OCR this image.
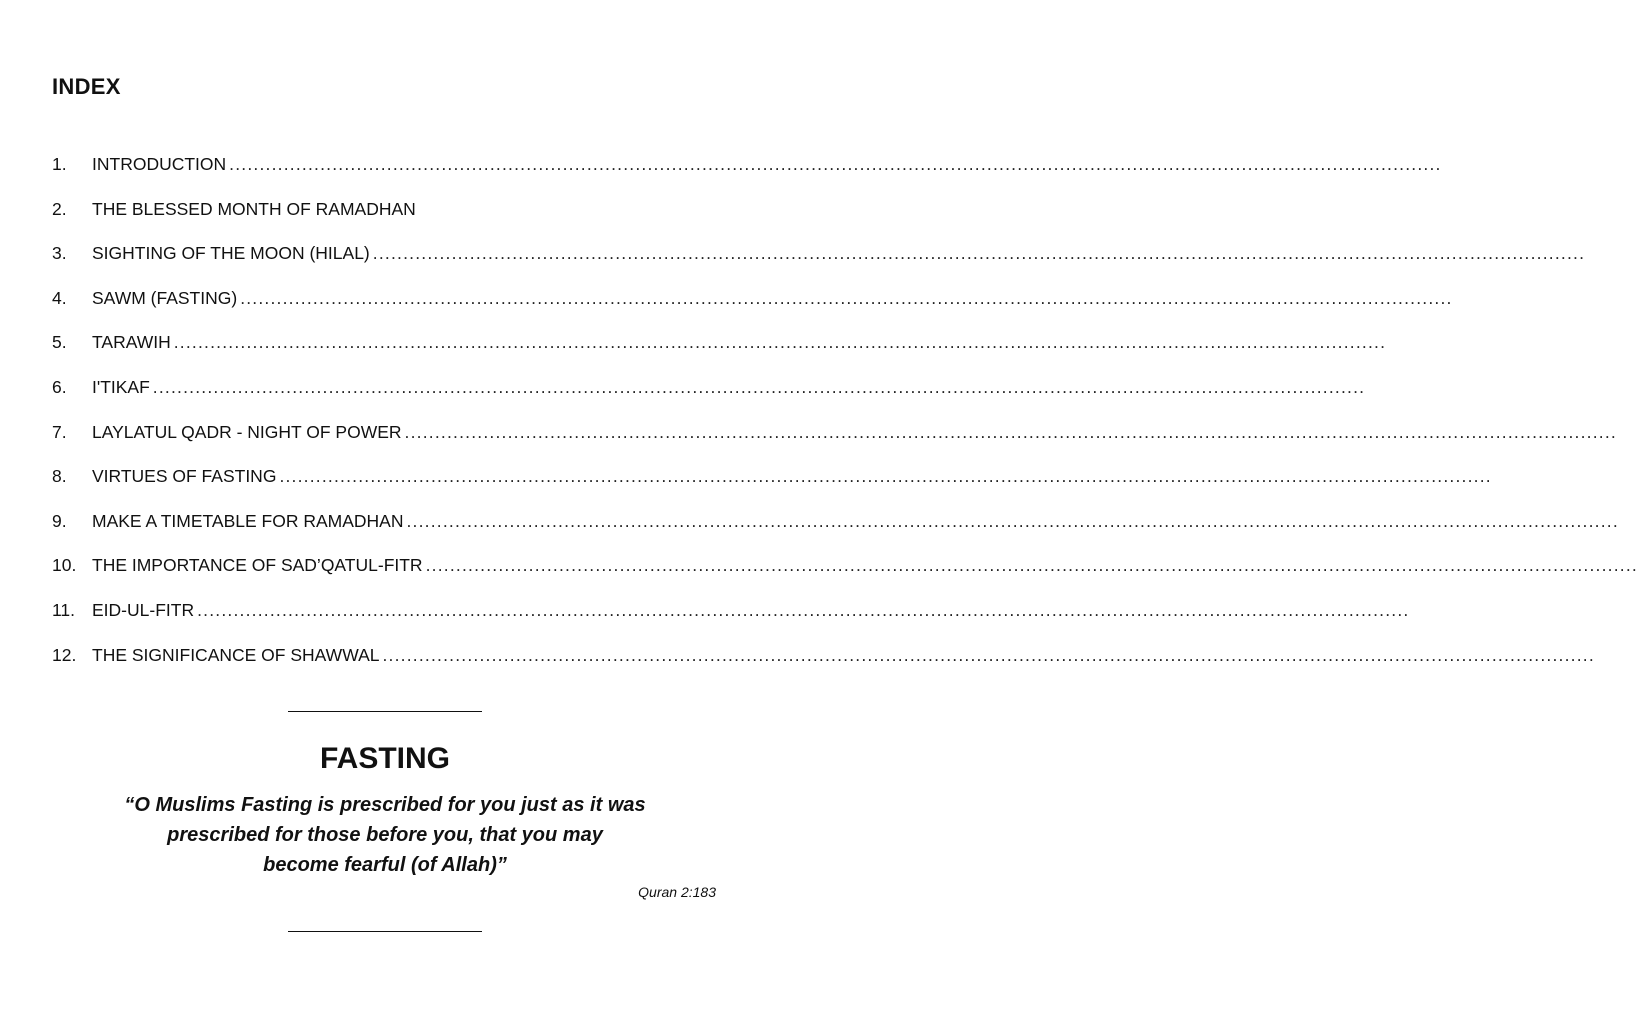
INDEX
1.	INTRODUCTION ........................................................................................................................................................................................................
2.	THE BLESSED MONTH OF RAMADHAN
3.	SIGHTING OF THE MOON (HILAL) ........................................................................................................................................................................................................
4.	SAWM (FASTING) ........................................................................................................................................................................................................
5.	TARAWIH ........................................................................................................................................................................................................
6.	I'TIKAF ........................................................................................................................................................................................................
7.	LAYLATUL QADR - NIGHT OF POWER ........................................................................................................................................................................................................
8.	VIRTUES OF FASTING ........................................................................................................................................................................................................
9.	MAKE A TIMETABLE FOR RAMADHAN ........................................................................................................................................................................................................
10. THE IMPORTANCE OF SAD’QATUL-FITR ........................................................................................................................................................................................................
11. EID-UL-FITR ........................................................................................................................................................................................................
12. THE SIGNIFICANCE OF SHAWWAL ........................................................................................................................................................................................................
FASTING
“O Muslims Fasting is prescribed for you just as it was
prescribed for those before you, that you may
become fearful (of Allah)”
Quran 2:183
